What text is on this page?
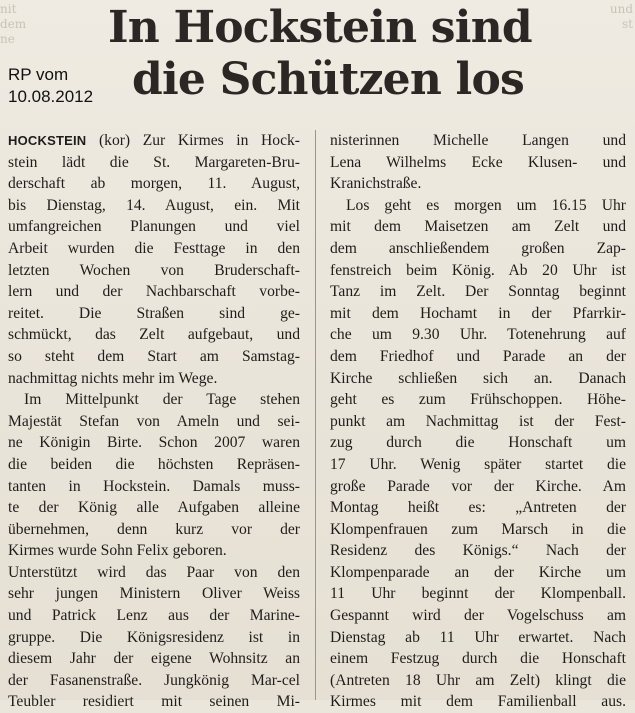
nit
dem
ne
und
st
In Hockstein sind
die Schützen los
RP vom
10.08.2012
HOCKSTEIN (kor) Zur Kirmes in Hock-
stein lädt die St. Margareten-Bru-
derschaft ab morgen, 11. August,
bis Dienstag, 14. August, ein. Mit
umfangreichen Planungen und viel
Arbeit wurden die Festtage in den
letzten Wochen von Bruderschaft-
lern und der Nachbarschaft vorbe-
reitet. Die Straßen sind ge-
schmückt, das Zelt aufgebaut, und
so steht dem Start am Samstag-
nachmittag nichts mehr im Wege.
Im Mittelpunkt der Tage stehen
Majestät Stefan von Ameln und sei-
ne Königin Birte. Schon 2007 waren
die beiden die höchsten Repräsen-
tanten in Hockstein. Damals muss-
te der König alle Aufgaben alleine
übernehmen, denn kurz vor der
Kirmes wurde Sohn Felix geboren.
Unterstützt wird das Paar von den
sehr jungen Ministern Oliver Weiss
und Patrick Lenz aus der Marine-
gruppe. Die Königsresidenz ist in
diesem Jahr der eigene Wohnsitz an
der Fasanenstraße. Jungkönig Mar-cel
Teubler residiert mit seinen Mi-
nisterinnen Michelle Langen und
Lena Wilhelms Ecke Klusen- und
Kranichstraße.
Los geht es morgen um 16.15 Uhr
mit dem Maisetzen am Zelt und
dem anschließendem großen Zap-
fenstreich beim König. Ab 20 Uhr ist
Tanz im Zelt. Der Sonntag beginnt
mit dem Hochamt in der Pfarrkir-
che um 9.30 Uhr. Totenehrung auf
dem Friedhof und Parade an der
Kirche schließen sich an. Danach
geht es zum Frühschoppen. Höhe-
punkt am Nachmittag ist der Fest-
zug durch die Honschaft um
17 Uhr. Wenig später startet die
große Parade vor der Kirche. Am
Montag heißt es: „Antreten der
Klompenfrauen zum Marsch in die
Residenz des Königs.“ Nach der
Klompenparade an der Kirche um
11 Uhr beginnt der Klompenball.
Gespannt wird der Vogelschuss am
Dienstag ab 11 Uhr erwartet. Nach
einem Festzug durch die Honschaft
(Antreten 18 Uhr am Zelt) klingt die
Kirmes mit dem Familienball aus.
